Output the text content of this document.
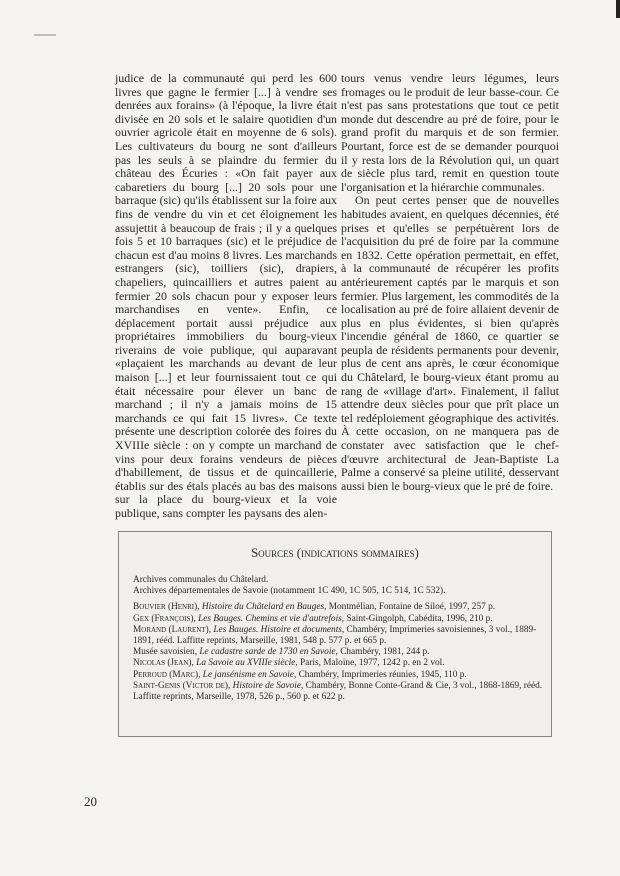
judice de la communauté qui perd les 600 livres que gagne le fermier [...] à vendre ses denrées aux forains» (à l'époque, la livre était divisée en 20 sols et le salaire quotidien d'un ouvrier agricole était en moyenne de 6 sols). Les cultivateurs du bourg ne sont d'ailleurs pas les seuls à se plaindre du fermier du château des Écuries : «On fait payer aux cabaretiers du bourg [...] 20 sols pour une barraque (sic) qu'ils établissent sur la foire aux fins de vendre du vin et cet éloignement les assujettit à beaucoup de frais ; il y a quelques fois 5 et 10 barraques (sic) et le préjudice de chacun est d'au moins 8 livres. Les marchands estrangers (sic), toilliers (sic), drapiers, chapeliers, quincailliers et autres paient au fermier 20 sols chacun pour y exposer leurs marchandises en vente». Enfin, ce déplacement portait aussi préjudice aux propriétaires immobiliers du bourg-vieux riverains de voie publique, qui auparavant «plaçaient les marchands au devant de leur maison [...] et leur fournissaient tout ce qui était nécessaire pour élever un banc de marchand ; il n'y a jamais moins de 15 marchands ce qui fait 15 livres». Ce texte présente une description colorée des foires du XVIIIe siècle : on y compte un marchand de vins pour deux forains vendeurs de pièces d'habillement, de tissus et de quincaillerie, établis sur des étals placés au bas des maisons sur la place du bourg-vieux et la voie publique, sans compter les paysans des alen-

tours venus vendre leurs légumes, leurs fromages ou le produit de leur basse-cour. Ce n'est pas sans protestations que tout ce petit monde dut descendre au pré de foire, pour le grand profit du marquis et de son fermier. Pourtant, force est de se demander pourquoi il y resta lors de la Révolution qui, un quart de siècle plus tard, remit en question toute l'organisation et la hiérarchie communales.

On peut certes penser que de nouvelles habitudes avaient, en quelques décennies, été prises et qu'elles se perpétuèrent lors de l'acquisition du pré de foire par la commune en 1832. Cette opération permettait, en effet, à la communauté de récupérer les profits antérieurement captés par le marquis et son fermier. Plus largement, les commodités de la localisation au pré de foire allaient devenir de plus en plus évidentes, si bien qu'après l'incendie général de 1860, ce quartier se peupla de résidents permanents pour devenir, plus de cent ans après, le cœur économique du Châtelard, le bourg-vieux étant promu au rang de «village d'art». Finalement, il fallut attendre deux siècles pour que prît place un tel redéploiement géographique des activités. À cette occasion, on ne manquera pas de constater avec satisfaction que le chef-d'œuvre architectural de Jean-Baptiste La Palme a conservé sa pleine utilité, desservant aussi bien le bourg-vieux que le pré de foire.

Sources (indications sommaires)

Archives communales du Châtelard.

Archives départementales de Savoie (notamment 1C 490, 1C 505, 1C 514, 1C 532).

Bouvier (Henri), Histoire du Châtelard en Bauges, Montmélian, Fontaine de Siloé, 1997, 257 p.

Gex (François), Les Bauges. Chemins et vie d'autrefois, Saint-Gingolph, Cabédita, 1996, 210 p.

Morand (Laurent), Les Bauges. Histoire et documents, Chambéry, Imprimeries savoisiennes, 3 vol., 1889-1891, rééd. Laffitte reprints, Marseille, 1981, 548 p. 577 p. et 665 p.

Musée savoisien, Le cadastre sarde de 1730 en Savoie, Chambéry, 1981, 244 p.

Nicolas (Jean), La Savoie au XVIIIe siècle, Paris, Maloine, 1977, 1242 p. en 2 vol.

Perroud (Marc), Le jansénisme en Savoie, Chambéry, Imprimeries réunies, 1945, 110 p.

Saint-Genis (Victor de), Histoire de Savoie, Chambéry, Bonne Conte-Grand & Cie, 3 vol., 1868-1869, rééd. Laffitte reprints, Marseille, 1978, 526 p., 560 p. et 622 p.

20
